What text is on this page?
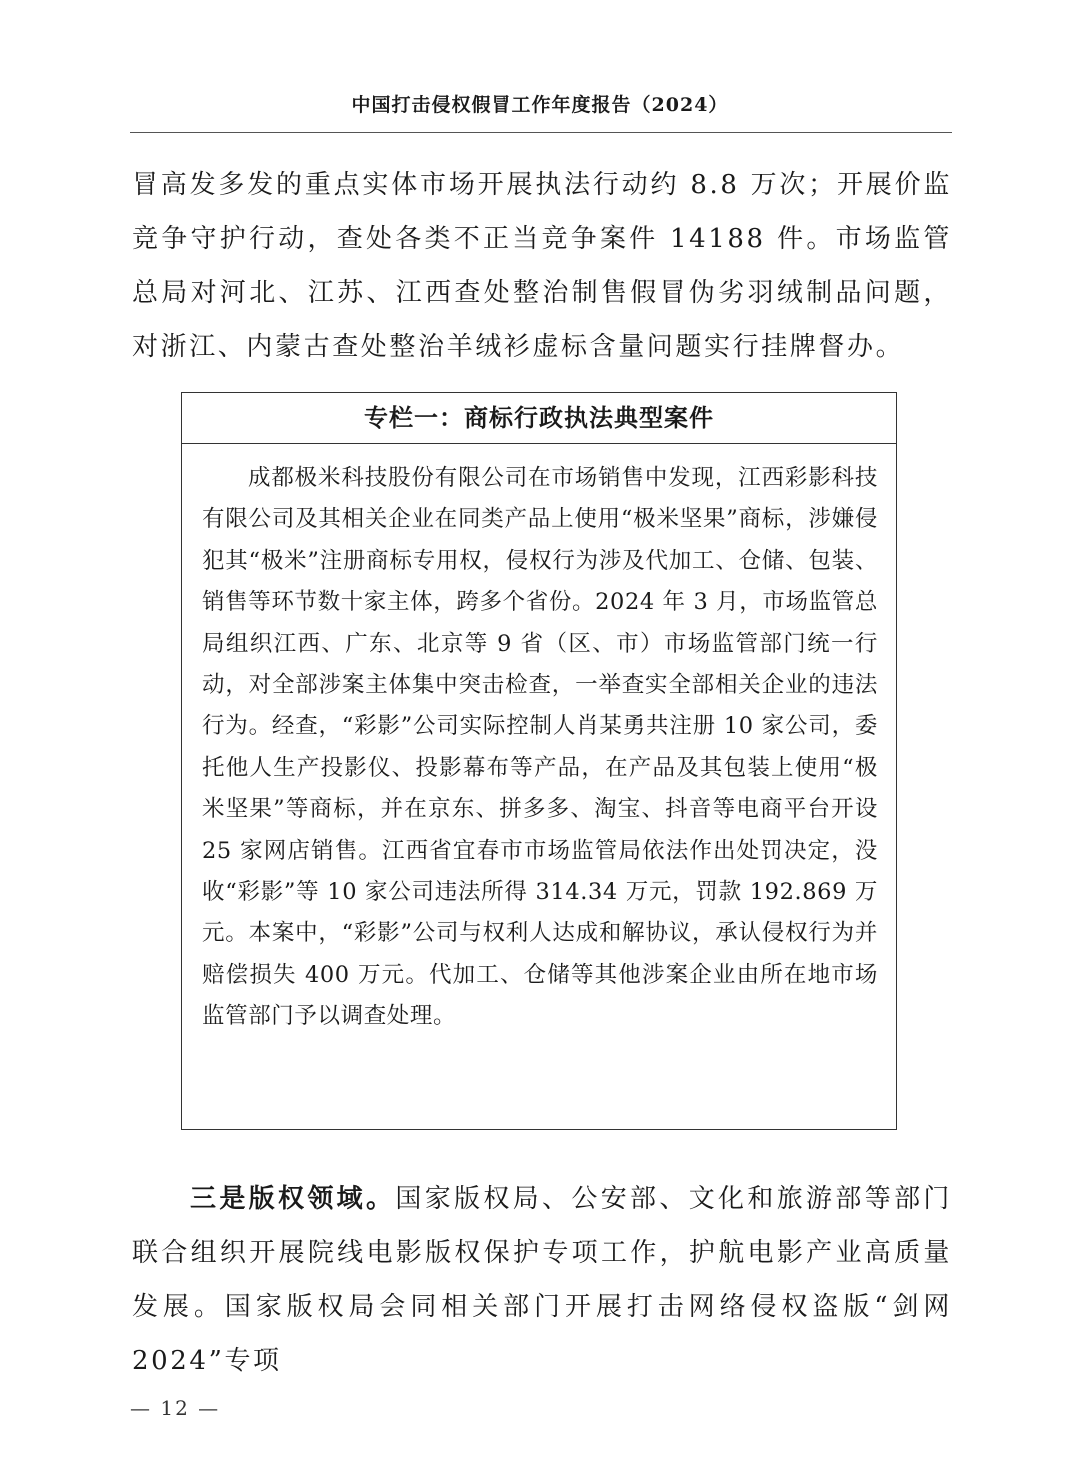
中国打击侵权假冒工作年度报告（2024）

冒高发多发的重点实体市场开展执法行动约 8.8 万次；开展价监竞争守护行动，查处各类不正当竞争案件 14188 件。市场监管总局对河北、江苏、江西查处整治制售假冒伪劣羽绒制品问题，对浙江、内蒙古查处整治羊绒衫虚标含量问题实行挂牌督办。

专栏一：商标行政执法典型案件
成都极米科技股份有限公司在市场销售中发现，江西彩影科技有限公司及其相关企业在同类产品上使用“极米坚果”商标，涉嫌侵犯其“极米”注册商标专用权，侵权行为涉及代加工、仓储、包装、销售等环节数十家主体，跨多个省份。2024 年 3 月，市场监管总局组织江西、广东、北京等 9 省（区、市）市场监管部门统一行动，对全部涉案主体集中突击检查，一举查实全部相关企业的违法行为。经查，“彩影”公司实际控制人肖某勇共注册 10 家公司，委托他人生产投影仪、投影幕布等产品，在产品及其包装上使用“极米坚果”等商标，并在京东、拼多多、淘宝、抖音等电商平台开设 25 家网店销售。江西省宜春市市场监管局依法作出处罚决定，没收“彩影”等 10 家公司违法所得 314.34 万元，罚款 192.869 万元。本案中，“彩影”公司与权利人达成和解协议，承认侵权行为并赔偿损失 400 万元。代加工、仓储等其他涉案企业由所在地市场监管部门予以调查处理。

三是版权领域。国家版权局、公安部、文化和旅游部等部门联合组织开展院线电影版权保护专项工作，护航电影产业高质量发展。国家版权局会同相关部门开展打击网络侵权盗版“剑网 2024”专项

— 12 —
